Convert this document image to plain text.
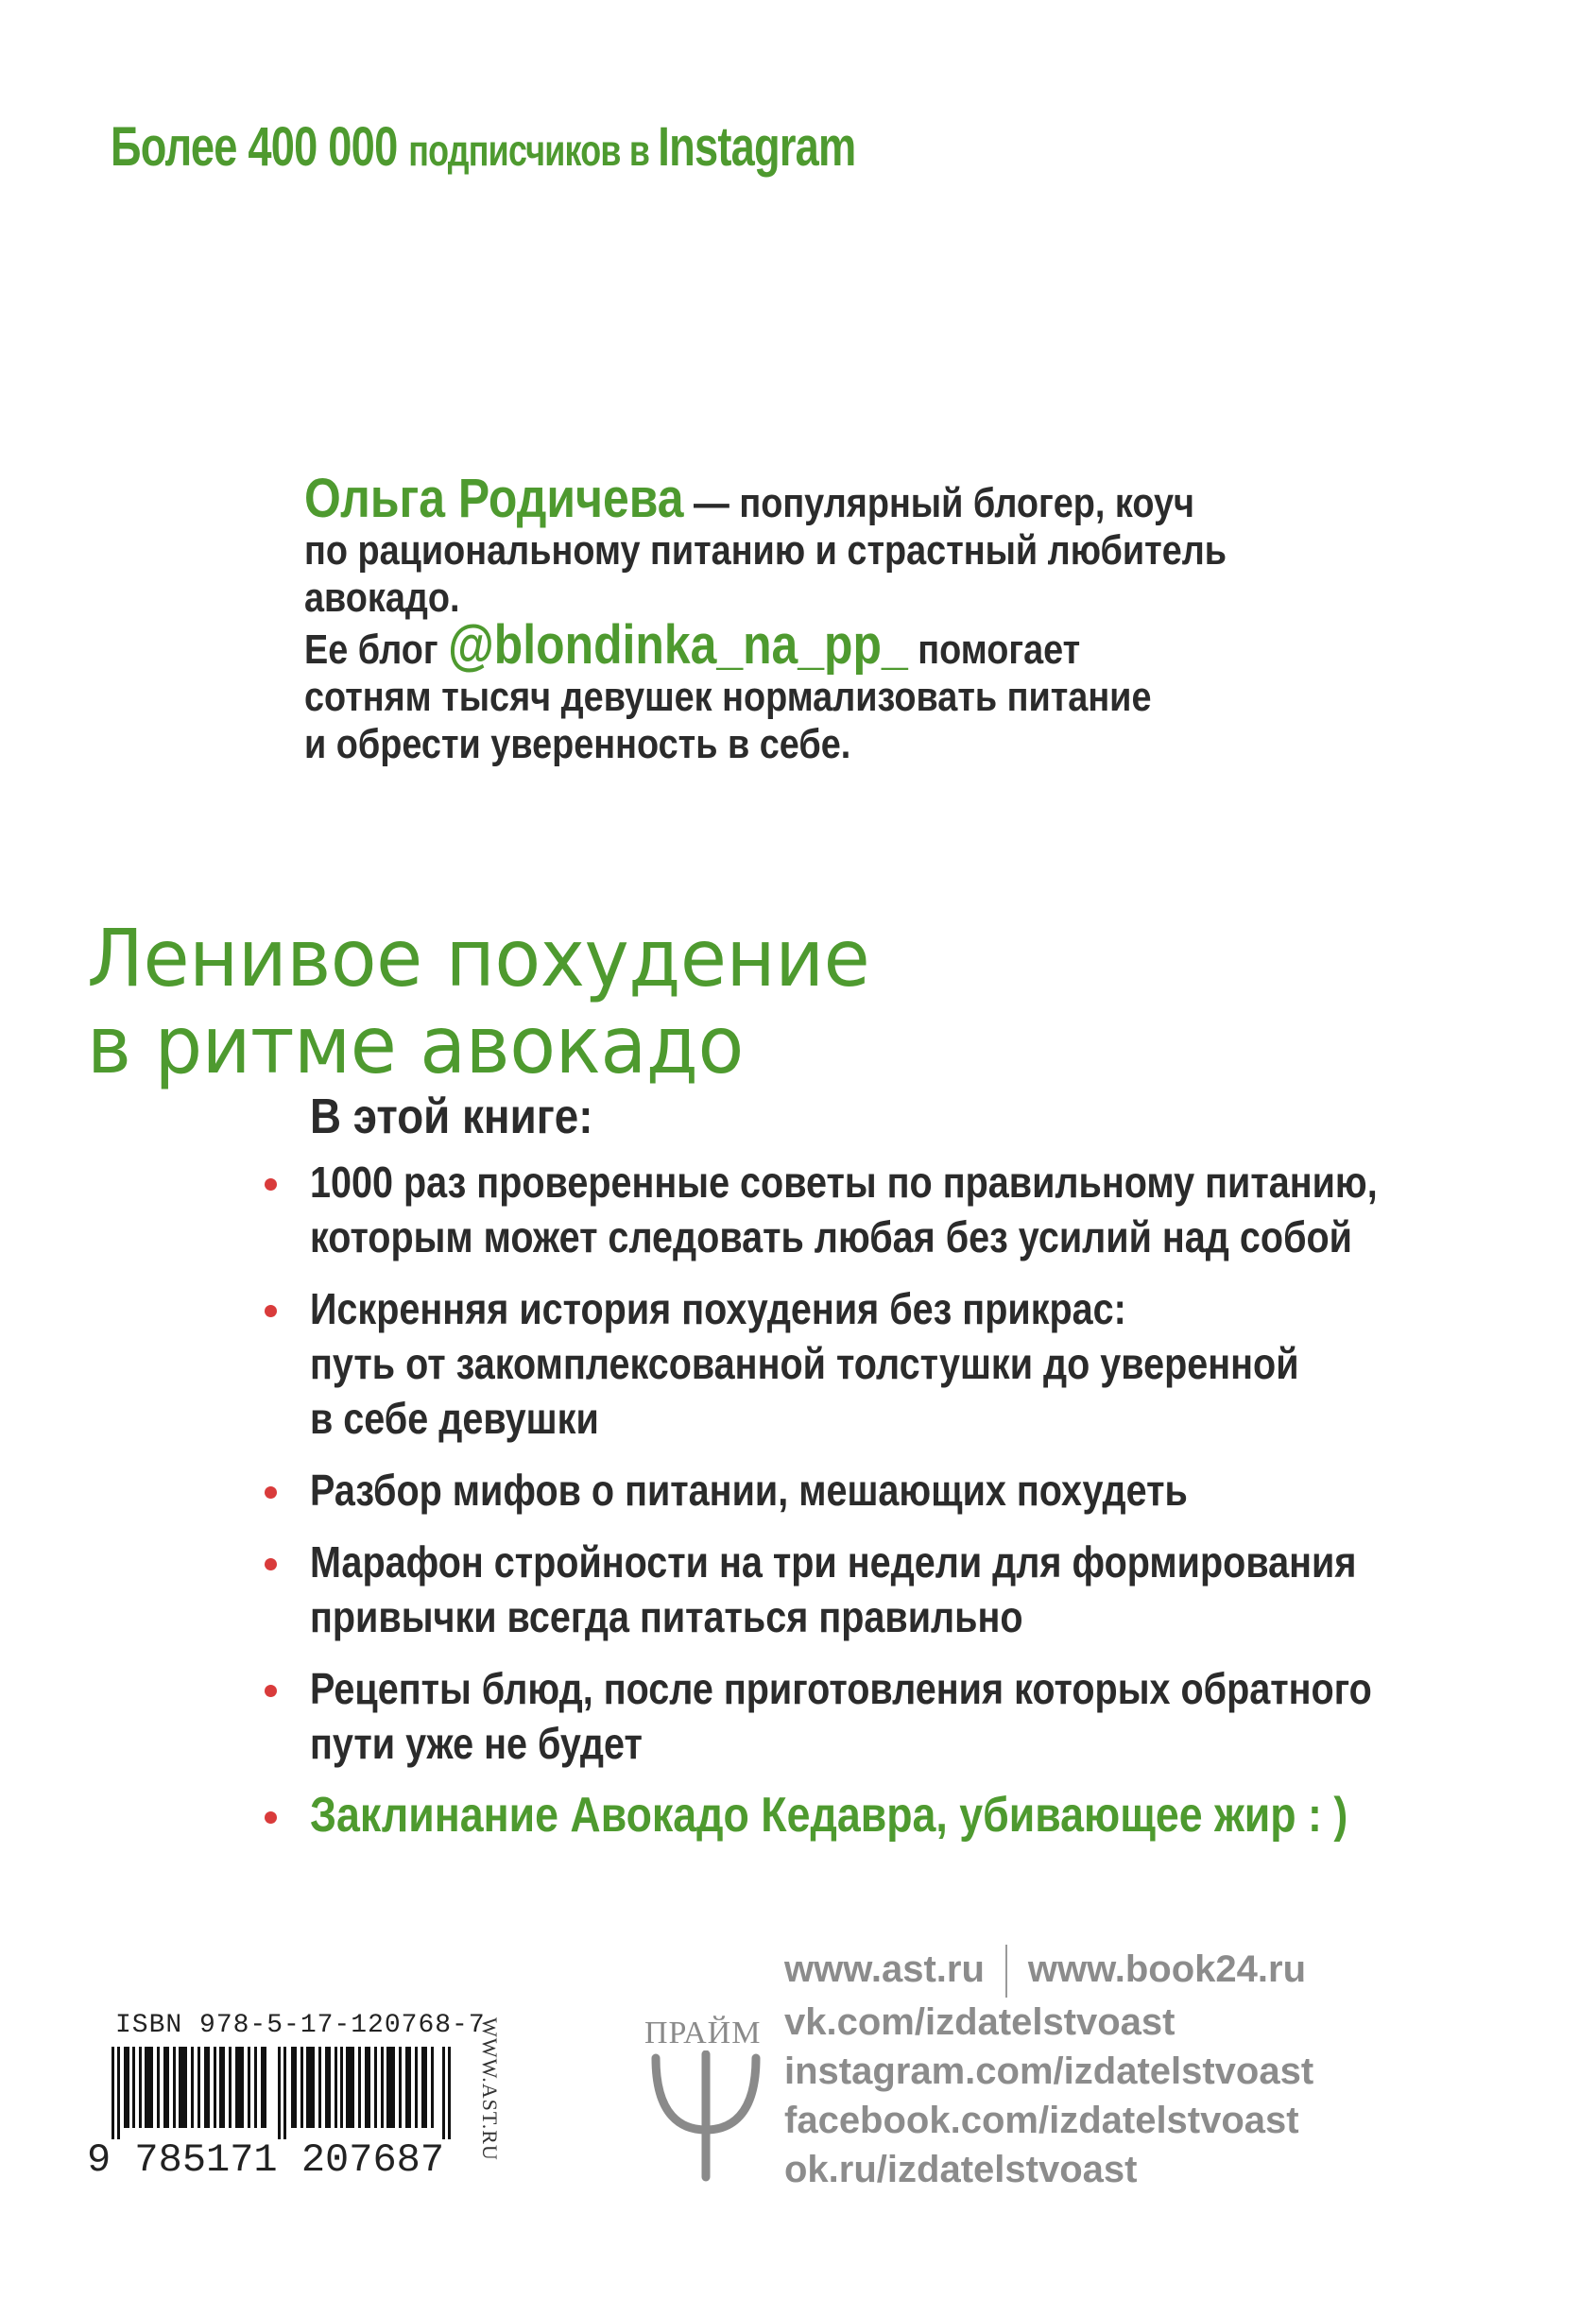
Более 400 000 подписчиков в Instagram
Ольга Родичева — популярный блогер, коуч
по рациональному питанию и страстный любитель
авокадо.
Ее блог @blondinka_na_pp_ помогает
сотням тысяч девушек нормализовать питание
и обрести уверенность в себе.
Ленивое похудение
в ритме авокадо
В этой книге:
1000 раз проверенные советы по правильному питанию,
которым может следовать любая без усилий над собой
Искренняя история похудения без прикрас:
путь от закомплексованной толстушки до уверенной
в себе девушки
Разбор мифов о питании, мешающих похудеть
Марафон стройности на три недели для формирования
привычки всегда питаться правильно
Рецепты блюд, после приготовления которых обратного
пути уже не будет
Заклинание Авокадо Кедавра, убивающее жир : )
ISBN 978-5-17-120768-7
9 785171 207687 WWW.AST.RU	ПРАЙМ
www.ast.ru www.book24.ru
vk.com/izdatelstvoast
instagram.com/izdatelstvoast
facebook.com/izdatelstvoast
ok.ru/izdatelstvoast
